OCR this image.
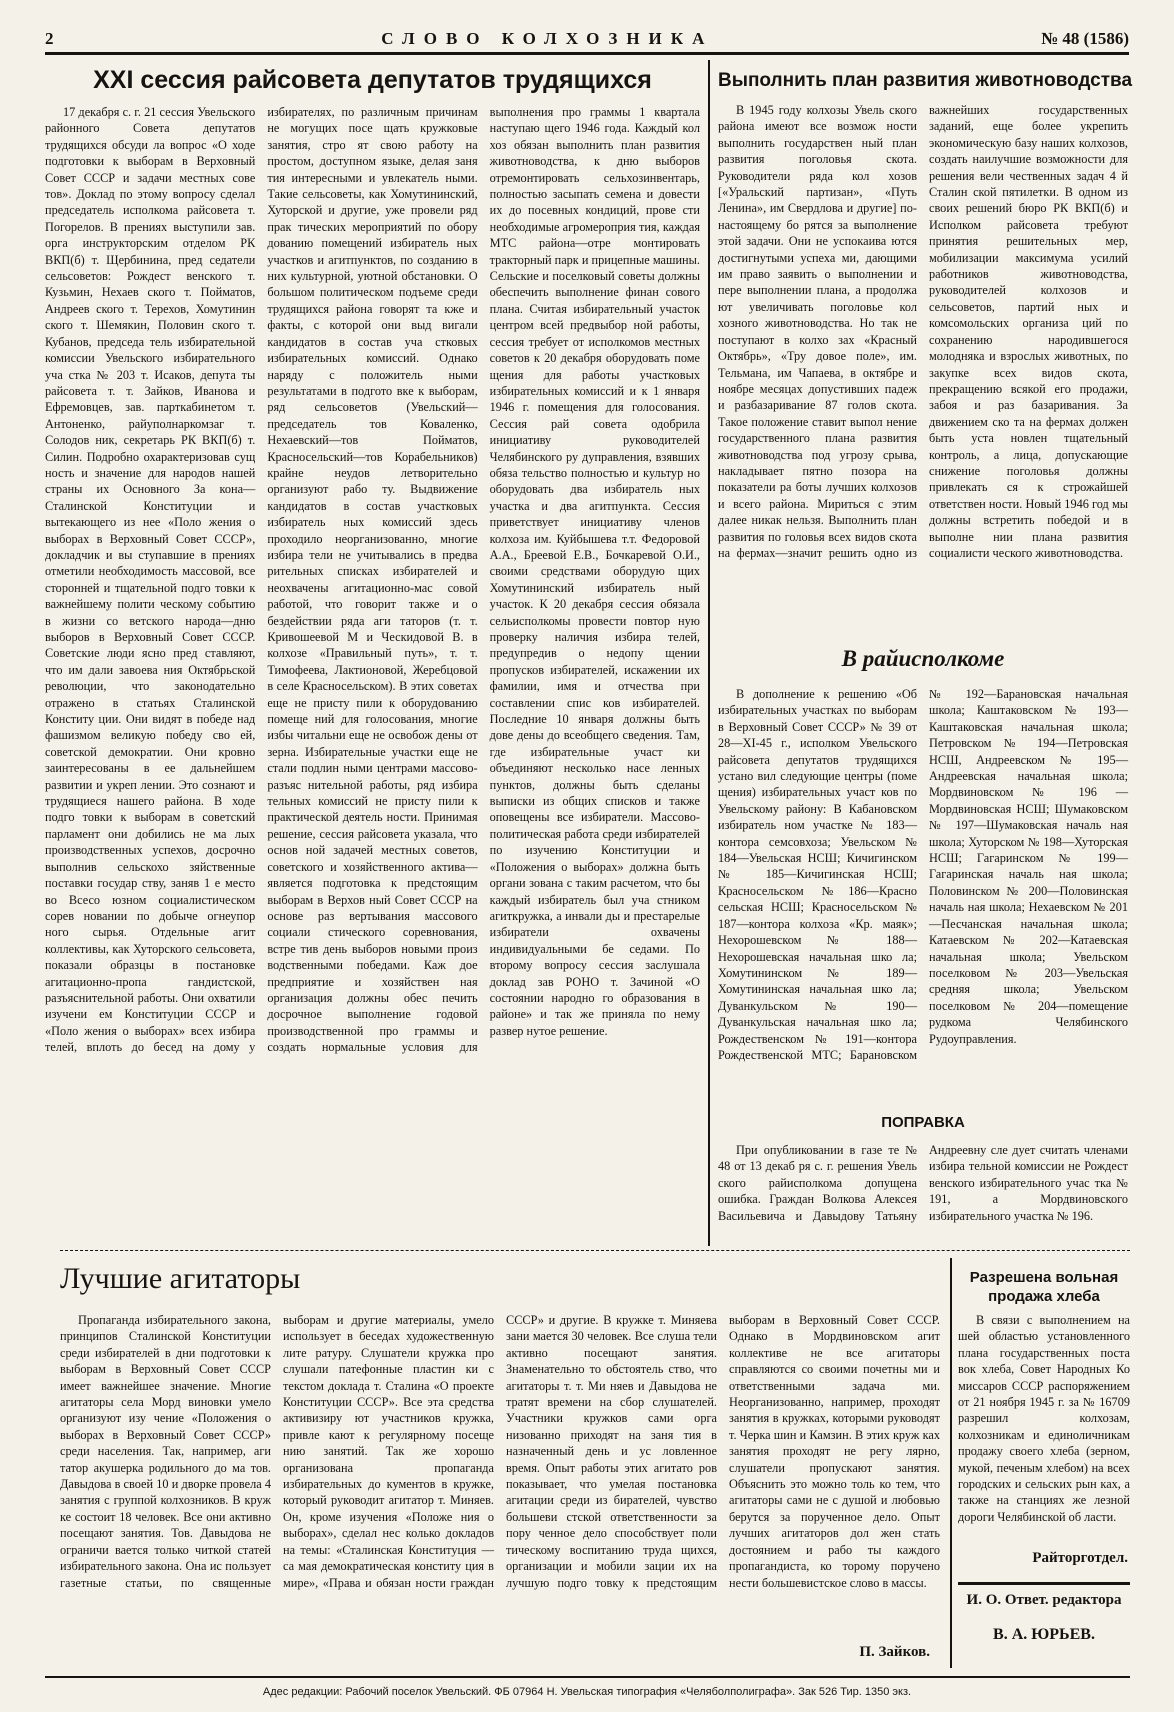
2	СЛОВО КОЛХОЗНИКА	№ 48 (1586)
XXI сессия райсовета депутатов трудящихся
17 декабря с. г. 21 сессия Увельского районного Совета депутатов трудящихся обсуди ла вопрос «О ходе подготовки к выборам в Верховный Совет СССР и задачи местных сове тов». Доклад по этому вопросу сделал председатель исполкома райсовета т. Погорелов. В прениях выступили зав. орга инструкторским отделом РК ВКП(б) т. Щербинина, пред седатели сельсоветов: Рождест венского т. Кузьмин, Нехаев ского т. Пойматов, Андреев ского т. Терехов, Хомутинин ского т. Шемякин, Половин ского т. Кубанов, председа тель избирательной комиссии Увельского избирательного уча стка № 203 т. Исаков, депута ты райсовета т. т. Зайков, Иванова и Ефремовцев, зав. парткабинетом т. Антоненко, райуполнаркомзаг т. Солодов ник, секретарь РК ВКП(б) т. Силин. Подробно охарактеризовав сущ ность и значение для народов нашей страны их Основного За кона—Сталинской Конституции и вытекающего из нее «Поло жения о выборах в Верховный Совет СССР», докладчик и вы ступавшие в прениях отметили необходимость массовой, все сторонней и тщательной подго товки к важнейшему полити ческому событию в жизни со ветского народа—дню выборов в Верховный Совет СССР. Советские люди ясно пред ставляют, что им дали завоева ния Октябрьской революции, что законодательно отражено в статьях Сталинской Конститу ции. Они видят в победе над фашизмом великую победу сво ей, советской демократии. Они кровно заинтересованы в ее дальнейшем развитии и укреп лении. Это сознают и трудящиеся нашего района. В ходе подго товки к выборам в советский парламент они добились не ма лых производственных успехов, досрочно выполнив сельскохо зяйственные поставки государ ству, заняв 1 е место во Всесо юзном социалистическом сорев новании по добыче огнеупор ного сырья. Отдельные агит коллективы, как Хуторского сельсовета, показали образцы в постановке агитационно-пропа гандистской, разъяснительной работы. Они охватили изучени ем Конституции СССР и «Поло жения о выборах» всех избира телей, вплоть до бесед на дому у избирателях, по различным причинам не могущих посе щать кружковые занятия, стро ят свою работу на простом, доступном языке, делая заня тия интересными и увлекатель ными. Такие сельсоветы, как Хомутининский, Хуторской и другие, уже провели ряд прак тических мероприятий по обору дованию помещений избиратель ных участков и агитпунктов, по созданию в них культурной, уютной обстановки. О большом политическом подъеме среди трудящихся района говорят та кже и факты, с которой они выд вигали кандидатов в состав уча стковых избирательных комиссий. Однако наряду с положитель ными результатами в подгото вке к выборам, ряд сельсоветов (Увельский—председатель тов Коваленко, Нехаевский—тов Пойматов, Красносельский—тов Корабельников) крайне неудов летворительно организуют рабо ту. Выдвижение кандидатов в состав участковых избиратель ных комиссий здесь проходило неорганизованно, многие избира тели не учитывались в предва рительных списках избирателей и неохвачены агитационно-мас совой работой, что говорит также и о бездействии ряда аги таторов (т. т. Кривошеевой М и Ческидовой В. в колхозе «Правильный путь», т. т. Тимофеева, Лактионовой, Жеребцовой в селе Красносельском). В этих советах еще не присту пили к оборудованию помеще ний для голосования, многие избы читальни еще не освобож дены от зерна. Избирательные участки еще не стали подлин ными центрами массово-разъяс нительной работы, ряд избира тельных комиссий не присту пили к практической деятель ности. Принимая решение, сессия райсовета указала, что основ ной задачей местных советов, советского и хозяйственного актива—является подготовка к предстоящим выборам в Верхов ный Совет СССР на основе раз вертывания массового социали стического соревнования, встре тив день выборов новыми произ водственными победами. Каж дое предприятие и хозяйствен ная организация должны обес печить досрочное выполнение годовой производственной про граммы и создать нормальные условия для выполнения про граммы 1 квартала наступаю щего 1946 года. Каждый кол хоз обязан выполнить план развития животноводства, к дню выборов отремонтировать сельхозинвентарь, полностью засыпать семена и довести их до посевных кондиций, прове сти необходимые агромероприя тия, каждая МТС района—отре монтировать тракторный парк и прицепные машины. Сельские и поселковый советы должны обеспечить выполнение финан сового плана. Считая избирательный участок центром всей предвыбор ной работы, сессия требует от исполкомов местных советов к 20 декабря оборудовать поме щения для работы участковых избирательных комиссий и к 1 января 1946 г. помещения для голосования. Сессия рай совета одобрила инициативу руководителей Челябинского ру дуправления, взявших обяза тельство полностью и культур но оборудовать два избиратель ных участка и два агитпункта. Сессия приветствует инициативу членов колхоза им. Куйбышева т.т. Федоровой А.А., Бреевой Е.В., Бочкаревой О.И., своими средствами оборудую щих Хомутининский избиратель ный участок. К 20 декабря сессия обязала сельисполкомы провести повтор ную проверку наличия избира телей, предупредив о недопу щении пропусков избирателей, искажении их фамилии, имя и отчества при составлении спис ков избирателей. Последние 10 января должны быть дове дены до всеобщего сведения. Там, где избирательные участ ки объединяют несколько насе ленных пунктов, должны быть сделаны выписки из общих списков и также оповещены все избиратели. Массово-политическая работа среди избирателей по изучению Конституции и «Положения о выборах» должна быть органи зована с таким расчетом, что бы каждый избиратель был уча стником агиткружка, а инвали ды и престарелые избиратели охвачены индивидуальными бе седами. По второму вопросу сессия заслушала доклад зав РОНО т. Зачиной «О состоянии народно го образования в районе» и так же приняла по нему развер нутое решение.
Выполнить план развития животноводства
В 1945 году колхозы Увель ского района имеют все возмож ности выполнить государствен ный план развития поголовья скота. Руководители ряда кол хозов [«Уральский партизан», «Путь Ленина», им Свердлова и другие] по-настоящему бо рятся за выполнение этой задачи. Они не успокаива ются достигнутыми успеха ми, дающими им право заявить о выполнении и пере выполнении плана, а продолжа ют увеличивать поголовье кол хозного животноводства. Но так не поступают в колхо зах «Красный Октябрь», «Тру довое поле», им. Тельмана, им Чапаева, в октябре и ноябре месяцах допустивших падеж и разбазаривание 87 голов скота. Такое положение ставит выпол нение государственного плана развития животноводства под угрозу срыва, накладывает пятно позора на показатели ра боты лучших колхозов и всего района. Мириться с этим далее никак нельзя. Выполнить план развития по головья всех видов скота на фермах—значит решить одно из важнейших государственных заданий, еще более укрепить экономическую базу наших колхозов, создать наилучшие возможности для решения вели чественных задач 4 й Сталин ской пятилетки. В одном из своих решений бюро РК ВКП(б) и Исполком райсовета требуют принятия решительных мер, мобилизации максимума усилий работников животноводства, руководителей колхозов и сельсоветов, партий ных и комсомольских организа ций по сохранению народившегося молодняка и взрослых животных, по закупке всех видов скота, прекращению всякой его продажи, забоя и раз базаривания. За движением ско та на фермах должен быть уста новлен тщательный контроль, а лица, допускающие снижение поголовья должны привлекать ся к строжайшей ответствен ности. Новый 1946 год мы должны встретить победой и в выполне нии плана развития социалисти ческого животноводства.
В райисполкоме
В дополнение к решению «Об избирательных участках по выборам в Верховный Совет СССР» № 39 от 28—XI-45 г., исполком Увельского райсовета депутатов трудящихся устано вил следующие центры (поме щения) избирательных участ ков по Увельскому району: В Кабановском избиратель ном участке № 183—контора семсовхоза; Увельском № 184—Увельская НСШ; Кичигинском № 185—Кичигинская НСШ; Красносельском №186—Красно сельская НСШ; Красносельском № 187—контора колхоза «Кр. маяк»; Нехорошевском № 188—Нехорошевская начальная шко ла; Хомутининском № 189—Хомутининская начальная шко ла; Дуванкульском № 190—Дуванкульская начальная шко ла; Рождественском № 191—контора Рождественской МТС; Барановском № 192—Барановская начальная школа; Каштаковском № 193—Каштаковская начальная школа; Петровском № 194—Петровская НСШ, Андреевском № 195—Андреевская начальная школа; Мордвиновском № 196 — Мордвиновская НСШ; Шумаковском № 197—Шумаковская началь ная школа; Хуторском № 198—Хуторская НСШ; Гагаринском № 199—Гагаринская началь ная школа; Половинском № 200—Половинская началь ная школа; Нехаевском № 201—Песчанская начальная школа; Катаевском № 202—Катаевская начальная школа; Увельском поселковом № 203—Увельская средняя школа; Увельском поселковом № 204—помещение рудкома Челябинского Рудоуправления.
ПОПРАВКА
При опубликовании в газе те № 48 от 13 декаб ря с. г. решения Увель ского райисполкома допущена ошибка. Граждан Волкова Алексея Васильевича и Давыдову Татьяну Андреевну сле дует считать членами избира тельной комиссии не Рождест венского избирательного учас тка № 191, а Мордвиновского избирательного участка № 196.
Лучшие агитаторы
Пропаганда избирательного закона, принципов Сталинской Конституции среди избирателей в дни подготовки к выборам в Верховный Совет СССР имеет важнейшее значение. Многие агитаторы села Морд виновки умело организуют изу чение «Положения о выборах в Верховный Совет СССР» среди населения. Так, например, аги татор акушерка родильного до ма тов. Давыдова в своей 10 и дворке провела 4 занятия с группой колхозников. В круж ке состоит 18 человек. Все они активно посещают занятия. Тов. Давыдова не ограничи вается только читкой статей избирательного закона. Она ис пользует газетные статьи, по священные выборам и другие материалы, умело использует в беседах художественную лите ратуру. Слушатели кружка про слушали патефонные пластин ки с текстом доклада т. Сталина «О проекте Конституции СССР». Все эта средства активизиру ют участников кружка, привле кают к регулярному посеще нию занятий. Так же хорошо организована пропаганда избирательных до кументов в кружке, который руководит агитатор т. Миняев. Он, кроме изучения «Положе ния о выборах», сделал нес колько докладов на темы: «Сталинская Конституция — са мая демократическая конститу ция в мире», «Права и обязан ности граждан СССР» и другие. В кружке т. Миняева зани мается 30 человек. Все слуша тели активно посещают занятия. Знаменательно то обстоятель ство, что агитаторы т. т. Ми няев и Давыдова не тратят времени на сбор слушателей. Участники кружков сами орга низованно приходят на заня тия в назначенный день и ус ловленное время. Опыт работы этих агитато ров показывает, что умелая постановка агитации среди из бирателей, чувство большеви стской ответственности за пору ченное дело способствует поли тическому воспитанию труда щихся, организации и мобили зации их на лучшую подго товку к предстоящим выборам в Верховный Совет СССР. Однако в Мордвиновском агит коллективе не все агитаторы справляются со своими почетны ми и ответственными задача ми. Неорганизованно, например, проходят занятия в кружках, которыми руководят т. Черка шин и Камзин. В этих круж ках занятия проходят не регу лярно, слушатели пропускают занятия. Объяснить это можно толь ко тем, что агитаторы сами не с душой и любовью берутся за порученное дело. Опыт лучших агитаторов дол жен стать достоянием и рабо ты каждого пропагандиста, ко торому поручено нести большевистское слово в массы.
П. Зайков.
Разрешена вольная продажа хлеба
В связи с выполнением на шей областью установленного плана государственных поста вок хлеба, Совет Народных Ко миссаров СССР распоряжением от 21 ноября 1945 г. за № 16709 разрешил колхозам, колхозникам и единоличникам продажу своего хлеба (зерном, мукой, печеным хлебом) на всех городских и сельских рын ках, а также на станциях же лезной дороги Челябинской об ласти.
Райторготдел.
И. О. Ответ. редактора
В. А. ЮРЬЕВ.
Адес редакции: Рабочий поселок Увельский. ФБ 07964 Н. Увельская типография «Челяболполиграфа». Зак 526 Тир. 1350 экз.
